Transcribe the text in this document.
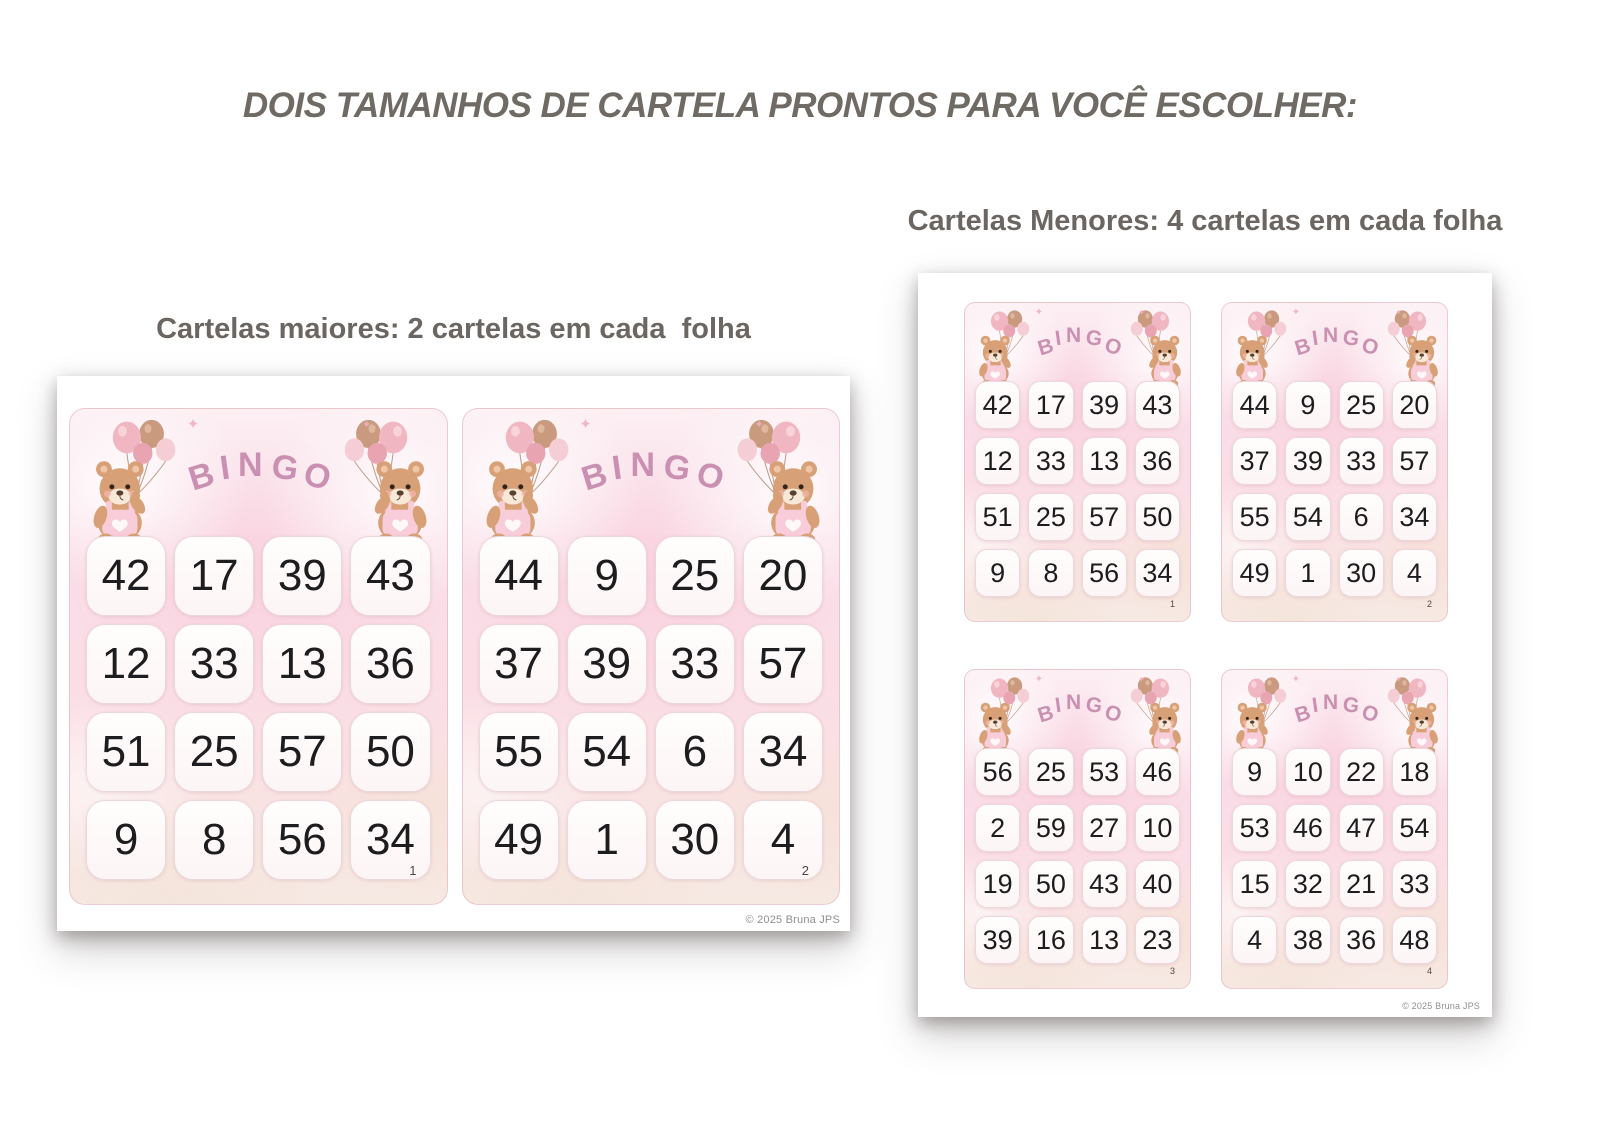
DOIS TAMANHOS DE CARTELA PRONTOS PARA VOCÊ ESCOLHER:
Cartelas maiores: 2 cartelas em cada  folha
Cartelas Menores: 4 cartelas em cada folha
✦ B
I N G
O
✦
42 17 39 43
12 33 13 36
51 25 57 50
9	8	56 34
1
✦ B
I N G
O
✦
44	9	25 20
37 39 33 57
55 54	6	34
49	1	30	4
2
© 2025 Bruna JPS
✦ B
I N G
O
✦
42 17 39 43
12 33 13 36
51 25 57 50
9	8	56 34
1
✦ B
I N G
O
✦
44	9	25 20
37 39 33 57
55 54	6	34
49	1	30	4
2
✦ B
I N G
O
✦
56 25 53 46
2	59 27 10
19 50 43 40
39 16 13 23
3
✦ B
I N G
O
✦
9	10 22 18
53 46 47 54
15 32 21 33
4	38 36 48
4
© 2025 Bruna JPS
